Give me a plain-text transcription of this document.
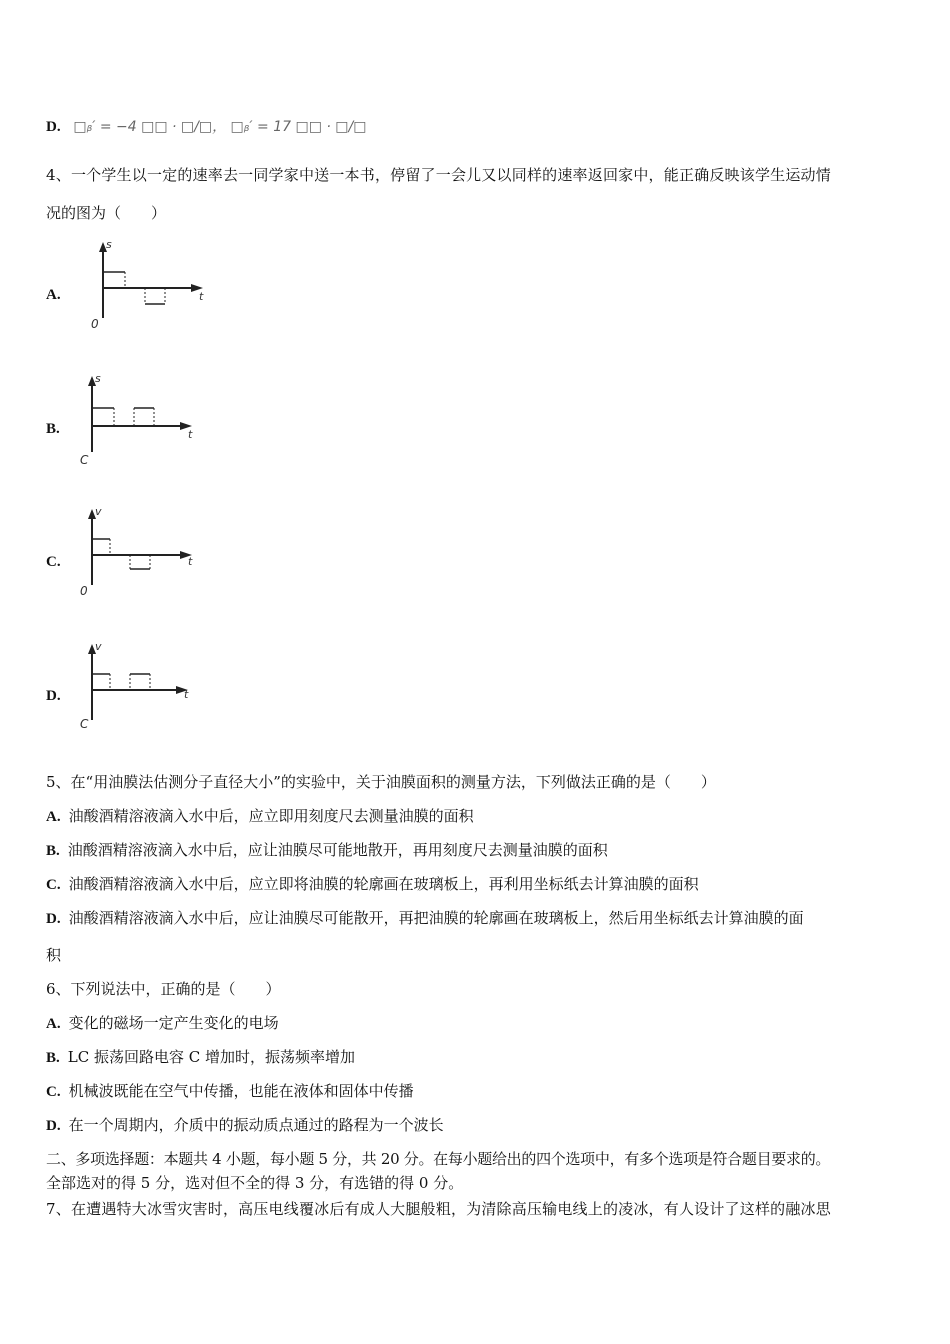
D. □ᵦ′ = −4 □□ · □/□， □ᵦ′ = 17 □□ · □/□
4、一个学生以一定的速率去一同学家中送一本书，停留了一会儿又以同样的速率返回家中，能正确反映该学生运动情
况的图为（　　）
A.
s
t
0
B.
s
t
C
C.
v
t
0
D.
v
t
C
5、在“用油膜法估测分子直径大小”的实验中，关于油膜面积的测量方法，下列做法正确的是（　　）
A. 油酸酒精溶液滴入水中后，应立即用刻度尺去测量油膜的面积
B. 油酸酒精溶液滴入水中后，应让油膜尽可能地散开，再用刻度尺去测量油膜的面积
C. 油酸酒精溶液滴入水中后，应立即将油膜的轮廓画在玻璃板上，再利用坐标纸去计算油膜的面积
D. 油酸酒精溶液滴入水中后，应让油膜尽可能散开，再把油膜的轮廓画在玻璃板上，然后用坐标纸去计算油膜的面
积
6、下列说法中，正确的是（　　）
A. 变化的磁场一定产生变化的电场
B. LC 振荡回路电容 C 增加时，振荡频率增加
C. 机械波既能在空气中传播，也能在液体和固体中传播
D. 在一个周期内，介质中的振动质点通过的路程为一个波长
二、多项选择题：本题共 4 小题，每小题 5 分，共 20 分。在每小题给出的四个选项中，有多个选项是符合题目要求的。
全部选对的得 5 分，选对但不全的得 3 分，有选错的得 0 分。
7、在遭遇特大冰雪灾害时，高压电线覆冰后有成人大腿般粗，为清除高压输电线上的凌冰，有人设计了这样的融冰思
